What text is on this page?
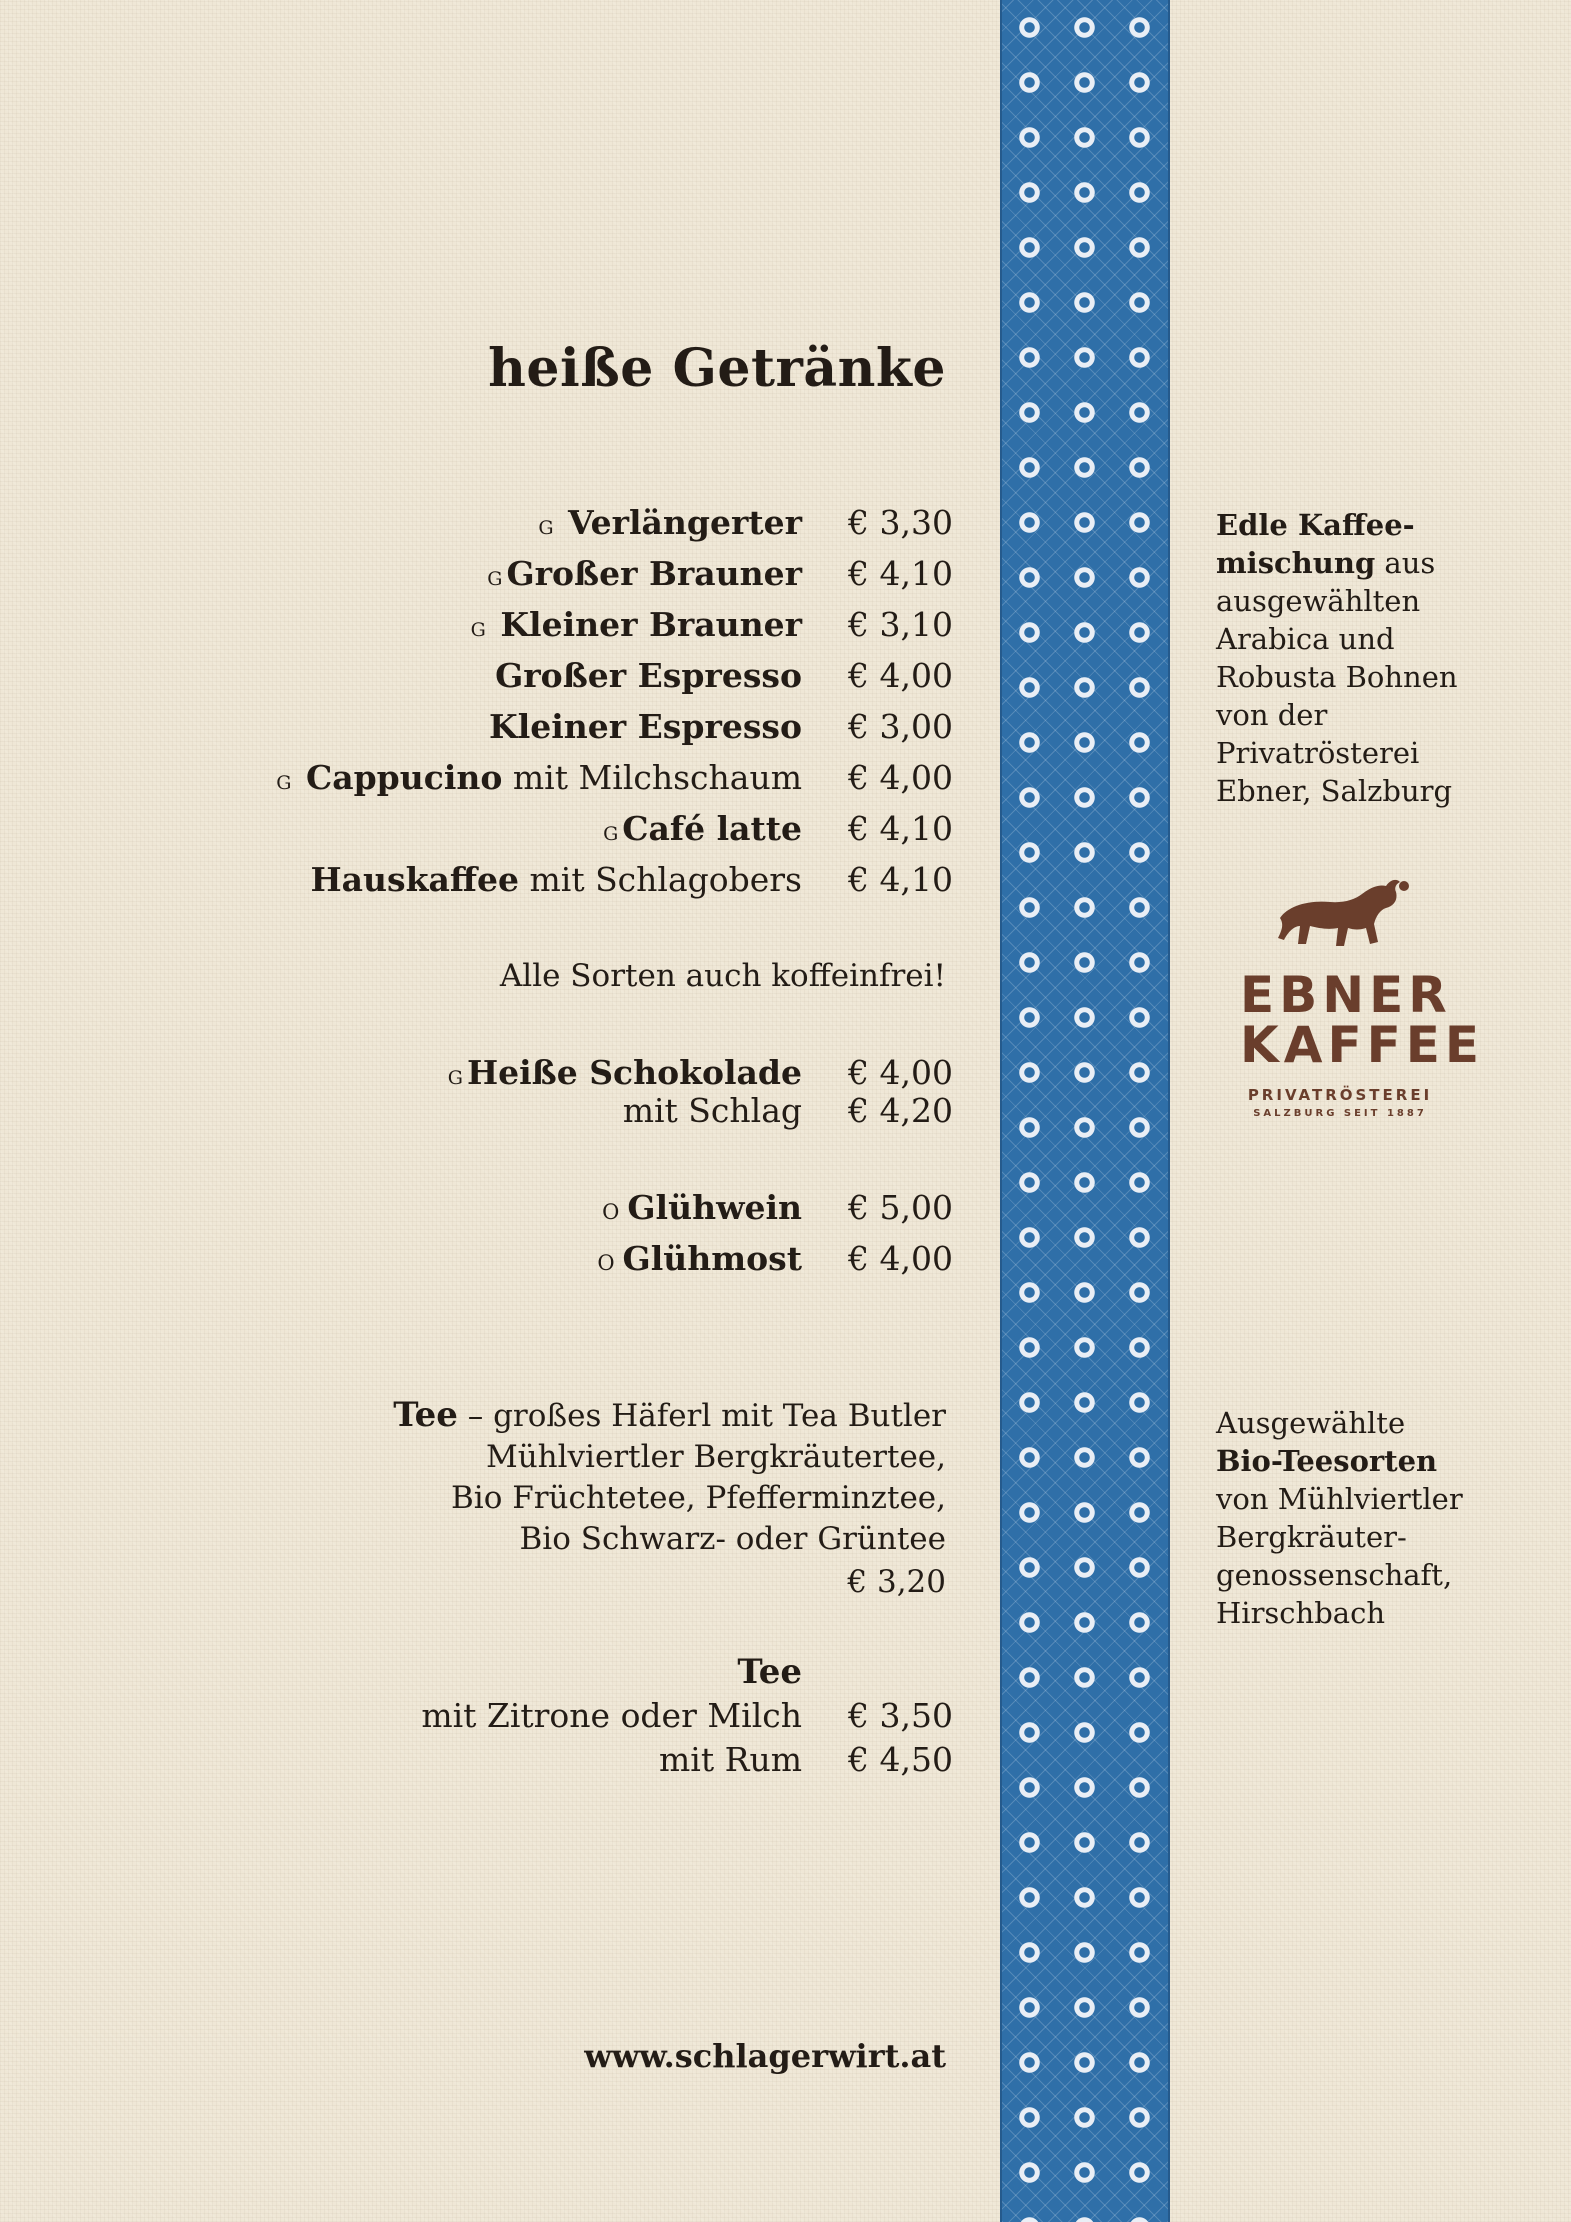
heiße Getränke
G Verlängerter € 3,30
G Großer Brauner € 4,10
G Kleiner Brauner € 3,10
Großer Espresso € 4,00
Kleiner Espresso € 3,00
G Cappucino mit Milchschaum € 4,00
G Café latte € 4,10
Hauskaffee mit Schlagobers € 4,10
Alle Sorten auch koffeinfrei!
G Heiße Schokolade € 4,00
mit Schlag € 4,20
O Glühwein € 5,00
O Glühmost € 4,00
Tee – großes Häferl mit Tea Butler
Mühlviertler Bergkräutertee,
Bio Früchtetee, Pfefferminztee,
Bio Schwarz- oder Grüntee
€ 3,20
Tee
mit Zitrone oder Milch € 3,50
mit Rum € 4,50
www.schlagerwirt.at
Edle Kaffee-
mischung aus
ausgewählten
Arabica und
Robusta Bohnen
von der
Privatrösterei
Ebner, Salzburg
EBNER
KAFFEE
PRIVATRÖSTEREI
SALZBURG SEIT 1887
Ausgewählte
Bio-Teesorten
von Mühlviertler
Bergkräuter-
genossenschaft,
Hirschbach
